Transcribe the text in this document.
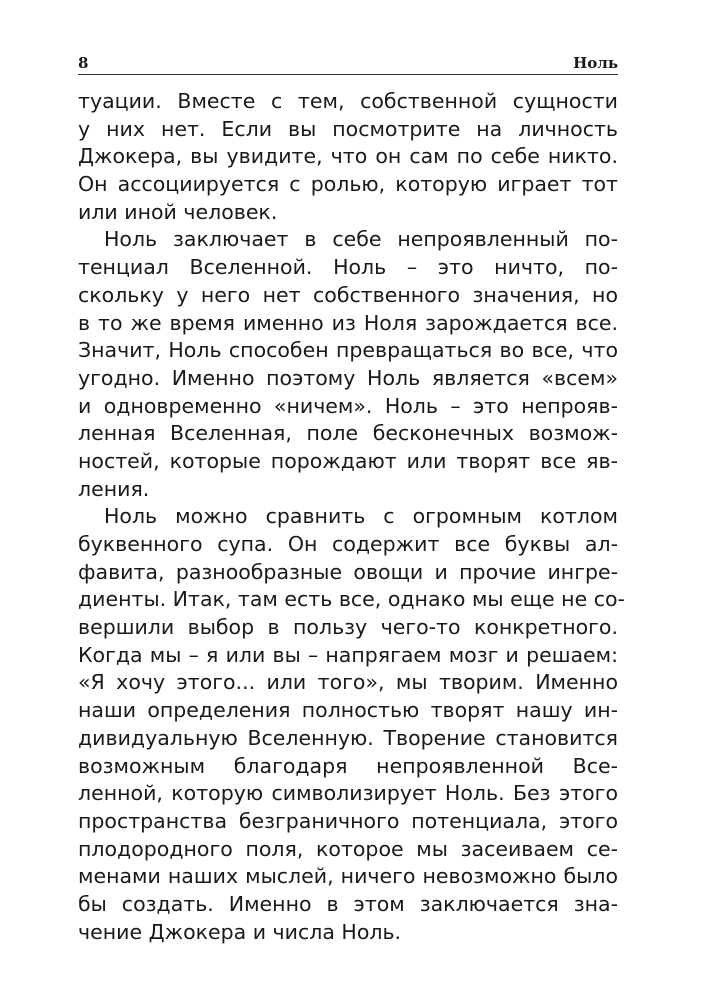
8	Ноль
туации. Вместе с тем, собственной сущности
у них нет. Если вы посмотрите на личность
Джокера, вы увидите, что он сам по себе никто.
Он ассоциируется с ролью, которую играет тот
или иной человек.
Ноль заключает в себе непроявленный по-
тенциал Вселенной. Ноль – это ничто, по-
скольку у него нет собственного значения, но
в то же время именно из Ноля зарождается все.
Значит, Ноль способен превращаться во все, что
угодно. Именно поэтому Ноль является «всем»
и одновременно «ничем». Ноль – это непрояв-
ленная Вселенная, поле бесконечных возмож-
ностей, которые порождают или творят все яв-
ления.
Ноль можно сравнить с огромным котлом
буквенного супа. Он содержит все буквы ал-
фавита, разнообразные овощи и прочие ингре-
диенты. Итак, там есть все, однако мы еще не со-
вершили выбор в пользу чего-то конкретного.
Когда мы – я или вы – напрягаем мозг и решаем:
«Я хочу этого... или того», мы творим. Именно
наши определения полностью творят нашу ин-
дивидуальную Вселенную. Творение становится
возможным благодаря непроявленной Все-
ленной, которую символизирует Ноль. Без этого
пространства безграничного потенциала, этого
плодородного поля, которое мы засеиваем се-
менами наших мыслей, ничего невозможно было
бы создать. Именно в этом заключается зна-
чение Джокера и числа Ноль.
